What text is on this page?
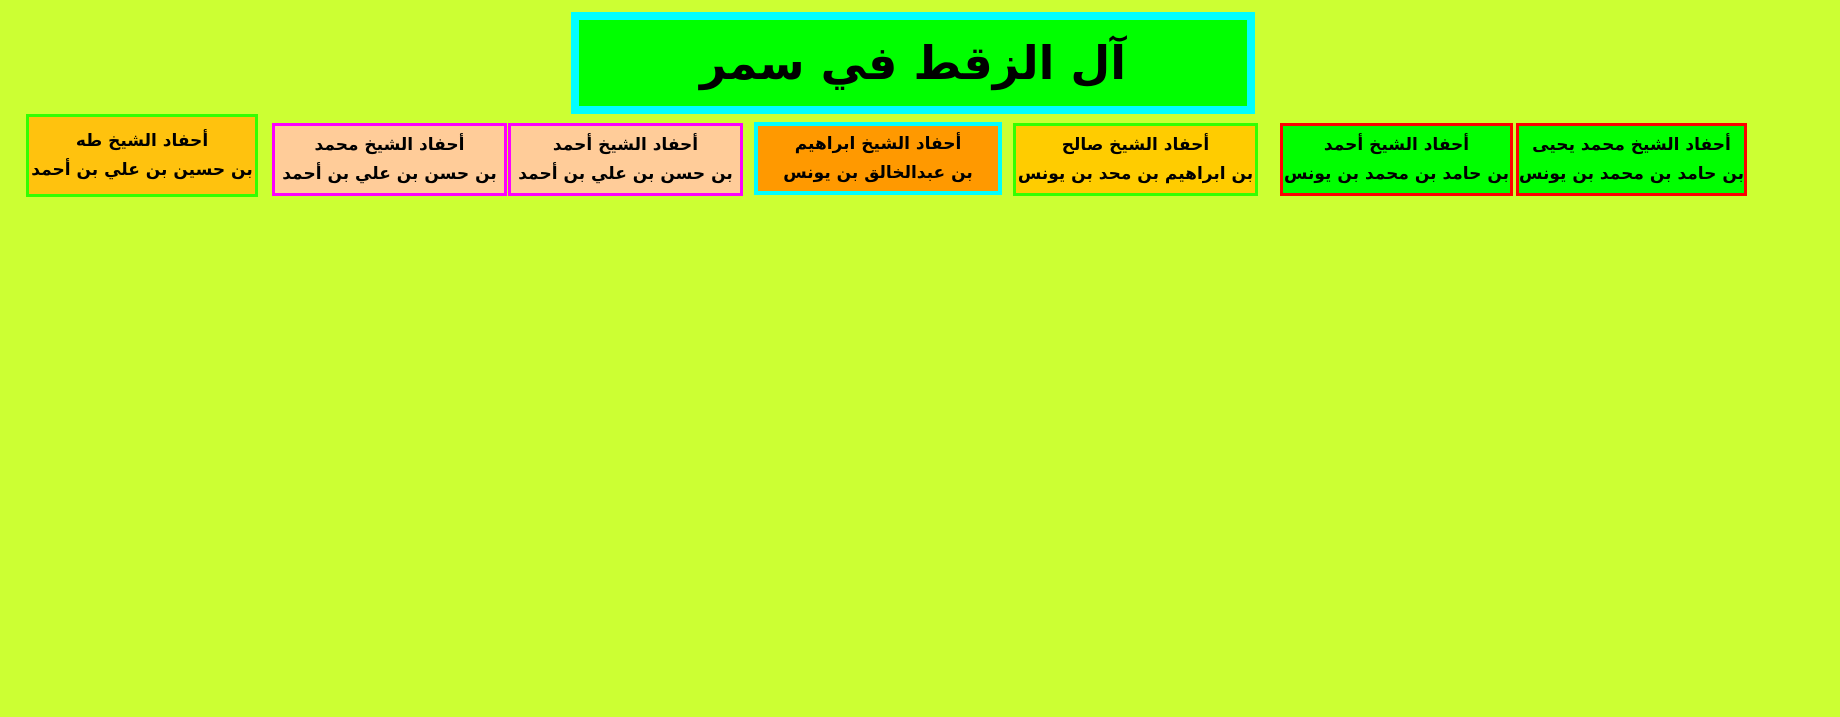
آل الزقط في سمر
أحفاد الشيخ محمد يحيى
بن حامد بن محمد بن يونس
أحفاد الشيخ أحمد
بن حامد بن محمد بن يونس
أحفاد الشيخ صالح
بن ابراهيم بن محد بن يونس
أحفاد الشيخ ابراهيم
بن عبدالخالق بن يونس
أحفاد الشيخ أحمد
بن حسن بن علي بن أحمد
أحفاد الشيخ محمد
بن حسن بن علي بن أحمد
أحفاد الشيخ طه
بن حسين بن علي بن أحمد
